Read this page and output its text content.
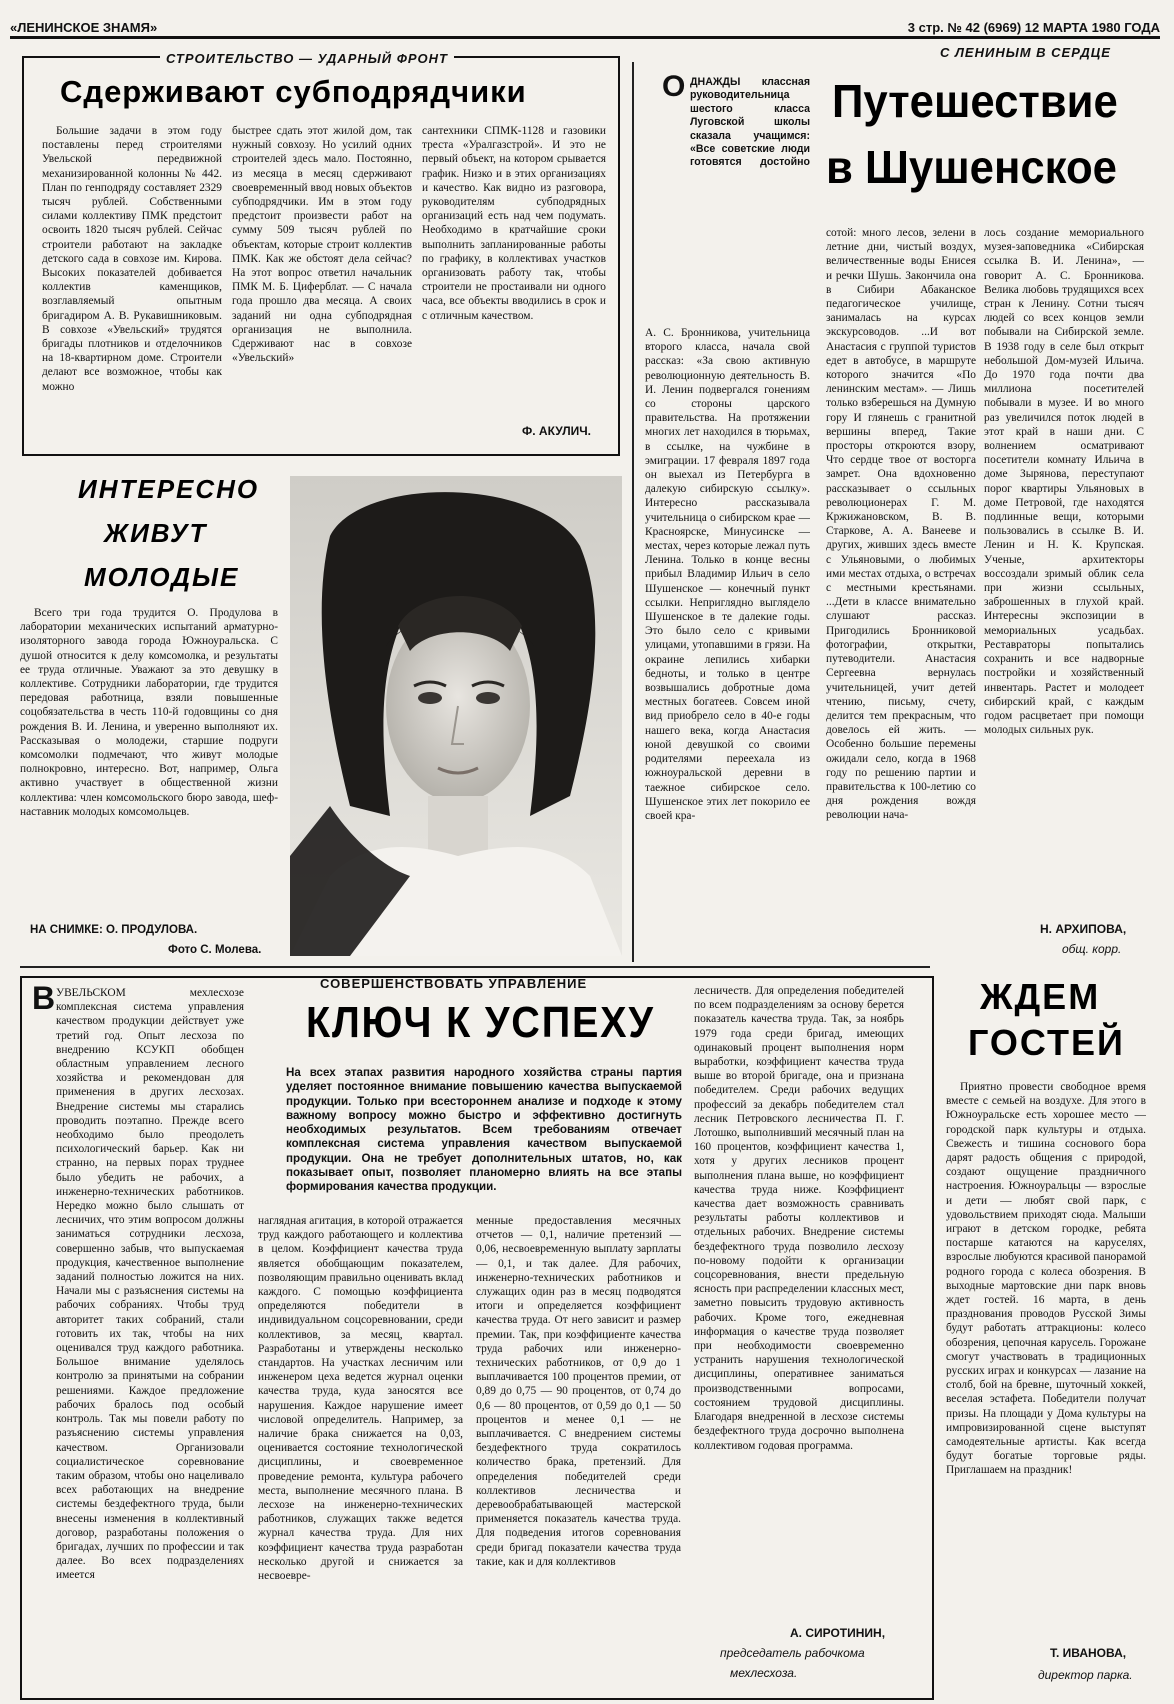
«ЛЕНИНСКОЕ ЗНАМЯ»	3 стр. № 42 (6969) 12 МАРТА 1980 ГОДА
СТРОИТЕЛЬСТВО — УДАРНЫЙ ФРОНТ
Сдерживают субподрядчики
Большие задачи в этом году поставлены перед строителями Увельской передвижной механизированной колонны № 442. План по генподряду составляет 2329 тысяч рублей. Собственными силами коллективу ПМК предстоит освоить 1820 тысяч рублей. Сейчас строители работают на закладке детского сада в совхозе им. Кирова. Высоких показателей добивается коллектив каменщиков, возглавляемый опытным бригадиром А. В. Рукавишниковым. В совхозе «Увельский» трудятся бригады плотников и отделочников на 18-квартирном доме. Строители делают все возможное, чтобы как можно
быстрее сдать этот жилой дом, так нужный совхозу. Но усилий одних строителей здесь мало. Постоянно, из месяца в месяц сдерживают своевременный ввод новых объектов субподрядчики. Им в этом году предстоит произвести работ на сумму 509 тысяч рублей по объектам, которые строит коллектив ПМК. Как же обстоят дела сейчас? На этот вопрос ответил начальник ПМК М. Б. Циферблат. — С начала года прошло два месяца. А своих заданий ни одна субподрядная организация не выполнила. Сдерживают нас в совхозе «Увельский»
сантехники СПМК-1128 и газовики треста «Уралгазстрой». И это не первый объект, на котором срывается график. Низко и в этих организациях и качество. Как видно из разговора, руководителям субподрядных организаций есть над чем подумать. Необходимо в кратчайшие сроки выполнить запланированные работы по графику, в коллективах участков организовать работу так, чтобы строители не простаивали ни одного часа, все объекты вводились в срок и с отличным качеством.
Ф. АКУЛИЧ.
С ЛЕНИНЫМ В СЕРДЦЕ
О ДНАЖДЫ классная руководительница шестого класса Луговской школы сказала учащимся: «Все советские люди готовятся достойно
Путешествие
в Шушенское
А. С. Бронникова, учительница второго класса, начала свой рассказ: «За свою активную революционную деятельность В. И. Ленин подвергался гонениям со стороны царского правительства. На протяжении многих лет находился в тюрьмах, в ссылке, на чужбине в эмиграции. 17 февраля 1897 года он выехал из Петербурга в далекую сибирскую ссылку». Интересно рассказывала учительница о сибирском крае — Красноярске, Минусинске — местах, через которые лежал путь Ленина. Только в конце весны прибыл Владимир Ильич в село Шушенское — конечный пункт ссылки. Неприглядно выглядело Шушенское в те далекие годы. Это было село с кривыми улицами, утопавшими в грязи. На окраине лепились хибарки бедноты, и только в центре возвышались добротные дома местных богатеев. Совсем иной вид приобрело село в 40-е годы нашего века, когда Анастасия юной девушкой со своими родителями переехала из южноуральской деревни в таежное сибирское село. Шушенское этих лет покорило ее своей кра-
сотой: много лесов, зелени в летние дни, чистый воздух, величественные воды Енисея и речки Шушь. Закончила она в Сибири Абаканское педагогическое училище, занималась на курсах экскурсоводов. ...И вот Анастасия с группой туристов едет в автобусе, в маршруте которого значится «По ленинским местам». — Лишь только взберешься на Думную гору И глянешь с гранитной вершины вперед, Такие просторы откроются взору, Что сердце твое от восторга замрет. Она вдохновенно рассказывает о ссыльных революционерах Г. М. Кржижановском, В. В. Старкове, А. А. Ванееве и других, живших здесь вместе с Ульяновыми, о любимых ими местах отдыха, о встречах с местными крестьянами. ...Дети в классе внимательно слушают рассказ. Пригодились Бронниковой фотографии, открытки, путеводители. Анастасия Сергеевна вернулась учительницей, учит детей чтению, письму, счету, делится тем прекрасным, что довелось ей жить. — Особенно большие перемены ожидали село, когда в 1968 году по решению партии и правительства к 100-летию со дня рождения вождя революции нача-
лось создание мемориального музея-заповедника «Сибирская ссылка В. И. Ленина», — говорит А. С. Бронникова. Велика любовь трудящихся всех стран к Ленину. Сотни тысяч людей со всех концов земли побывали на Сибирской земле. В 1938 году в селе был открыт небольшой Дом-музей Ильича. До 1970 года почти два миллиона посетителей побывали в музее. И во много раз увеличился поток людей в этот край в наши дни. С волнением осматривают посетители комнату Ильича в доме Зырянова, переступают порог квартиры Ульяновых в доме Петровой, где находятся подлинные вещи, которыми пользовались в ссылке В. И. Ленин и Н. К. Крупская. Ученые, архитекторы воссоздали зримый облик села при жизни ссыльных, заброшенных в глухой край. Интересны экспозиции в мемориальных усадьбах. Реставраторы попытались сохранить и все надворные постройки и хозяйственный инвентарь. Растет и молодеет сибирский край, с каждым годом расцветает при помощи молодых сильных рук.
Н. АРХИПОВА,
общ. корр.
ИНТЕРЕСНО
ЖИВУТ
МОЛОДЫЕ
Всего три года трудится О. Продулова в лаборатории механических испытаний арматурно-изоляторного завода города Южноуральска. С душой относится к делу комсомолка, и результаты ее труда отличные. Уважают за это девушку в коллективе. Сотрудники лаборатории, где трудится передовая работница, взяли повышенные соцобязательства в честь 110-й годовщины со дня рождения В. И. Ленина, и уверенно выполняют их. Рассказывая о молодежи, старшие подруги комсомолки подмечают, что живут молодые полнокровно, интересно. Вот, например, Ольга активно участвует в общественной жизни коллектива: член комсомольского бюро завода, шеф-наставник молодых комсомольцев.
НА СНИМКЕ: О. ПРОДУЛОВА.
Фото С. Молева.
В УВЕЛЬСКОМ мехлесхозе комплексная система управления качеством продукции действует уже третий год. Опыт лесхоза по внедрению КСУКП обобщен областным управлением лесного хозяйства и рекомендован для применения в других лесхозах. Внедрение системы мы старались проводить поэтапно. Прежде всего необходимо было преодолеть психологический барьер. Как ни странно, на первых порах труднее было убедить не рабочих, а инженерно-технических работников. Нередко можно было слышать от лесничих, что этим вопросом должны заниматься сотрудники лесхоза, совершенно забыв, что выпускаемая продукция, качественное выполнение заданий полностью ложится на них. Начали мы с разъяснения системы на рабочих собраниях. Чтобы труд авторитет таких собраний, стали готовить их так, чтобы на них оценивался труд каждого работника. Большое внимание уделялось контролю за принятыми на собрании решениями. Каждое предложение рабочих бралось под особый контроль. Так мы повели работу по разъяснению системы управления качеством. Организовали социалистическое соревнование таким образом, чтобы оно нацеливало всех работающих на внедрение системы бездефектного труда, были внесены изменения в коллективный договор, разработаны положения о бригадах, лучших по профессии и так далее. Во всех подразделениях имеется
СОВЕРШЕНСТВОВАТЬ УПРАВЛЕНИЕ
КЛЮЧ К УСПЕХУ
На всех этапах развития народного хозяйства страны партия уделяет постоянное внимание повышению качества выпускаемой продукции. Только при всестороннем анализе и подходе к этому важному вопросу можно быстро и эффективно достигнуть необходимых результатов. Всем требованиям отвечает комплексная система управления качеством выпускаемой продукции. Она не требует дополнительных штатов, но, как показывает опыт, позволяет планомерно влиять на все этапы формирования качества продукции.
наглядная агитация, в которой отражается труд каждого работающего и коллектива в целом. Коэффициент качества труда является обобщающим показателем, позволяющим правильно оценивать вклад каждого. С помощью коэффициента определяются победители в индивидуальном соцсоревновании, среди коллективов, за месяц, квартал. Разработаны и утверждены несколько стандартов. На участках лесничим или инженером цеха ведется журнал оценки качества труда, куда заносятся все нарушения. Каждое нарушение имеет числовой определитель. Например, за наличие брака снижается на 0,03, оценивается состояние технологической дисциплины, и своевременное проведение ремонта, культура рабочего места, выполнение месячного плана. В лесхозе на инженерно-технических работников, служащих также ведется журнал качества труда. Для них коэффициент качества труда разработан несколько другой и снижается за несвоевре-
менные предоставления месячных отчетов — 0,1, наличие претензий — 0,06, несвоевременную выплату зарплаты — 0,1, и так далее. Для рабочих, инженерно-технических работников и служащих один раз в месяц подводятся итоги и определяется коэффициент качества труда. От него зависит и размер премии. Так, при коэффициенте качества труда рабочих или инженерно-технических работников, от 0,9 до 1 выплачивается 100 процентов премии, от 0,89 до 0,75 — 90 процентов, от 0,74 до 0,6 — 80 процентов, от 0,59 до 0,1 — 50 процентов и менее 0,1 — не выплачивается. С внедрением системы бездефектного труда сократилось количество брака, претензий. Для определения победителей среди коллективов лесничества и деревообрабатывающей мастерской применяется показатель качества труда. Для подведения итогов соревнования среди бригад показатели качества труда такие, как и для коллективов
лесничеств. Для определения победителей по всем подразделениям за основу берется показатель качества труда. Так, за ноябрь 1979 года среди бригад, имеющих одинаковый процент выполнения норм выработки, коэффициент качества труда выше во второй бригаде, она и признана победителем. Среди рабочих ведущих профессий за декабрь победителем стал лесник Петровского лесничества П. Г. Лотошко, выполнивший месячный план на 160 процентов, коэффициент качества 1, хотя у других лесников процент выполнения плана выше, но коэффициент качества труда ниже. Коэффициент качества дает возможность сравнивать результаты работы коллективов и отдельных рабочих. Внедрение системы бездефектного труда позволило лесхозу по-новому подойти к организации соцсоревнования, внести предельную ясность при распределении классных мест, заметно повысить трудовую активность рабочих. Кроме того, ежедневная информация о качестве труда позволяет при необходимости своевременно устранить нарушения технологической дисциплины, оперативнее заниматься производственными вопросами, состоянием трудовой дисциплины. Благодаря внедренной в лесхозе системы бездефектного труда досрочно выполнена коллективом годовая программа.
А. СИРОТИНИН,
председатель рабочкома
мехлесхоза.
ЖДЕМ
ГОСТЕЙ
Приятно провести свободное время вместе с семьей на воздухе. Для этого в Южноуральске есть хорошее место — городской парк культуры и отдыха. Свежесть и тишина соснового бора дарят радость общения с природой, создают ощущение праздничного настроения. Южноуральцы — взрослые и дети — любят свой парк, с удовольствием приходят сюда. Малыши играют в детском городке, ребята постарше катаются на каруселях, взрослые любуются красивой панорамой родного города с колеса обозрения. В выходные мартовские дни парк вновь ждет гостей. 16 марта, в день празднования проводов Русской Зимы будут работать аттракционы: колесо обозрения, цепочная карусель. Горожане смогут участвовать в традиционных русских играх и конкурсах — лазание на столб, бой на бревне, шуточный хоккей, веселая эстафета. Победители получат призы. На площади у Дома культуры на импровизированной сцене выступят самодеятельные артисты. Как всегда будут богатые торговые ряды. Приглашаем на праздник!
Т. ИВАНОВА,
директор парка.
